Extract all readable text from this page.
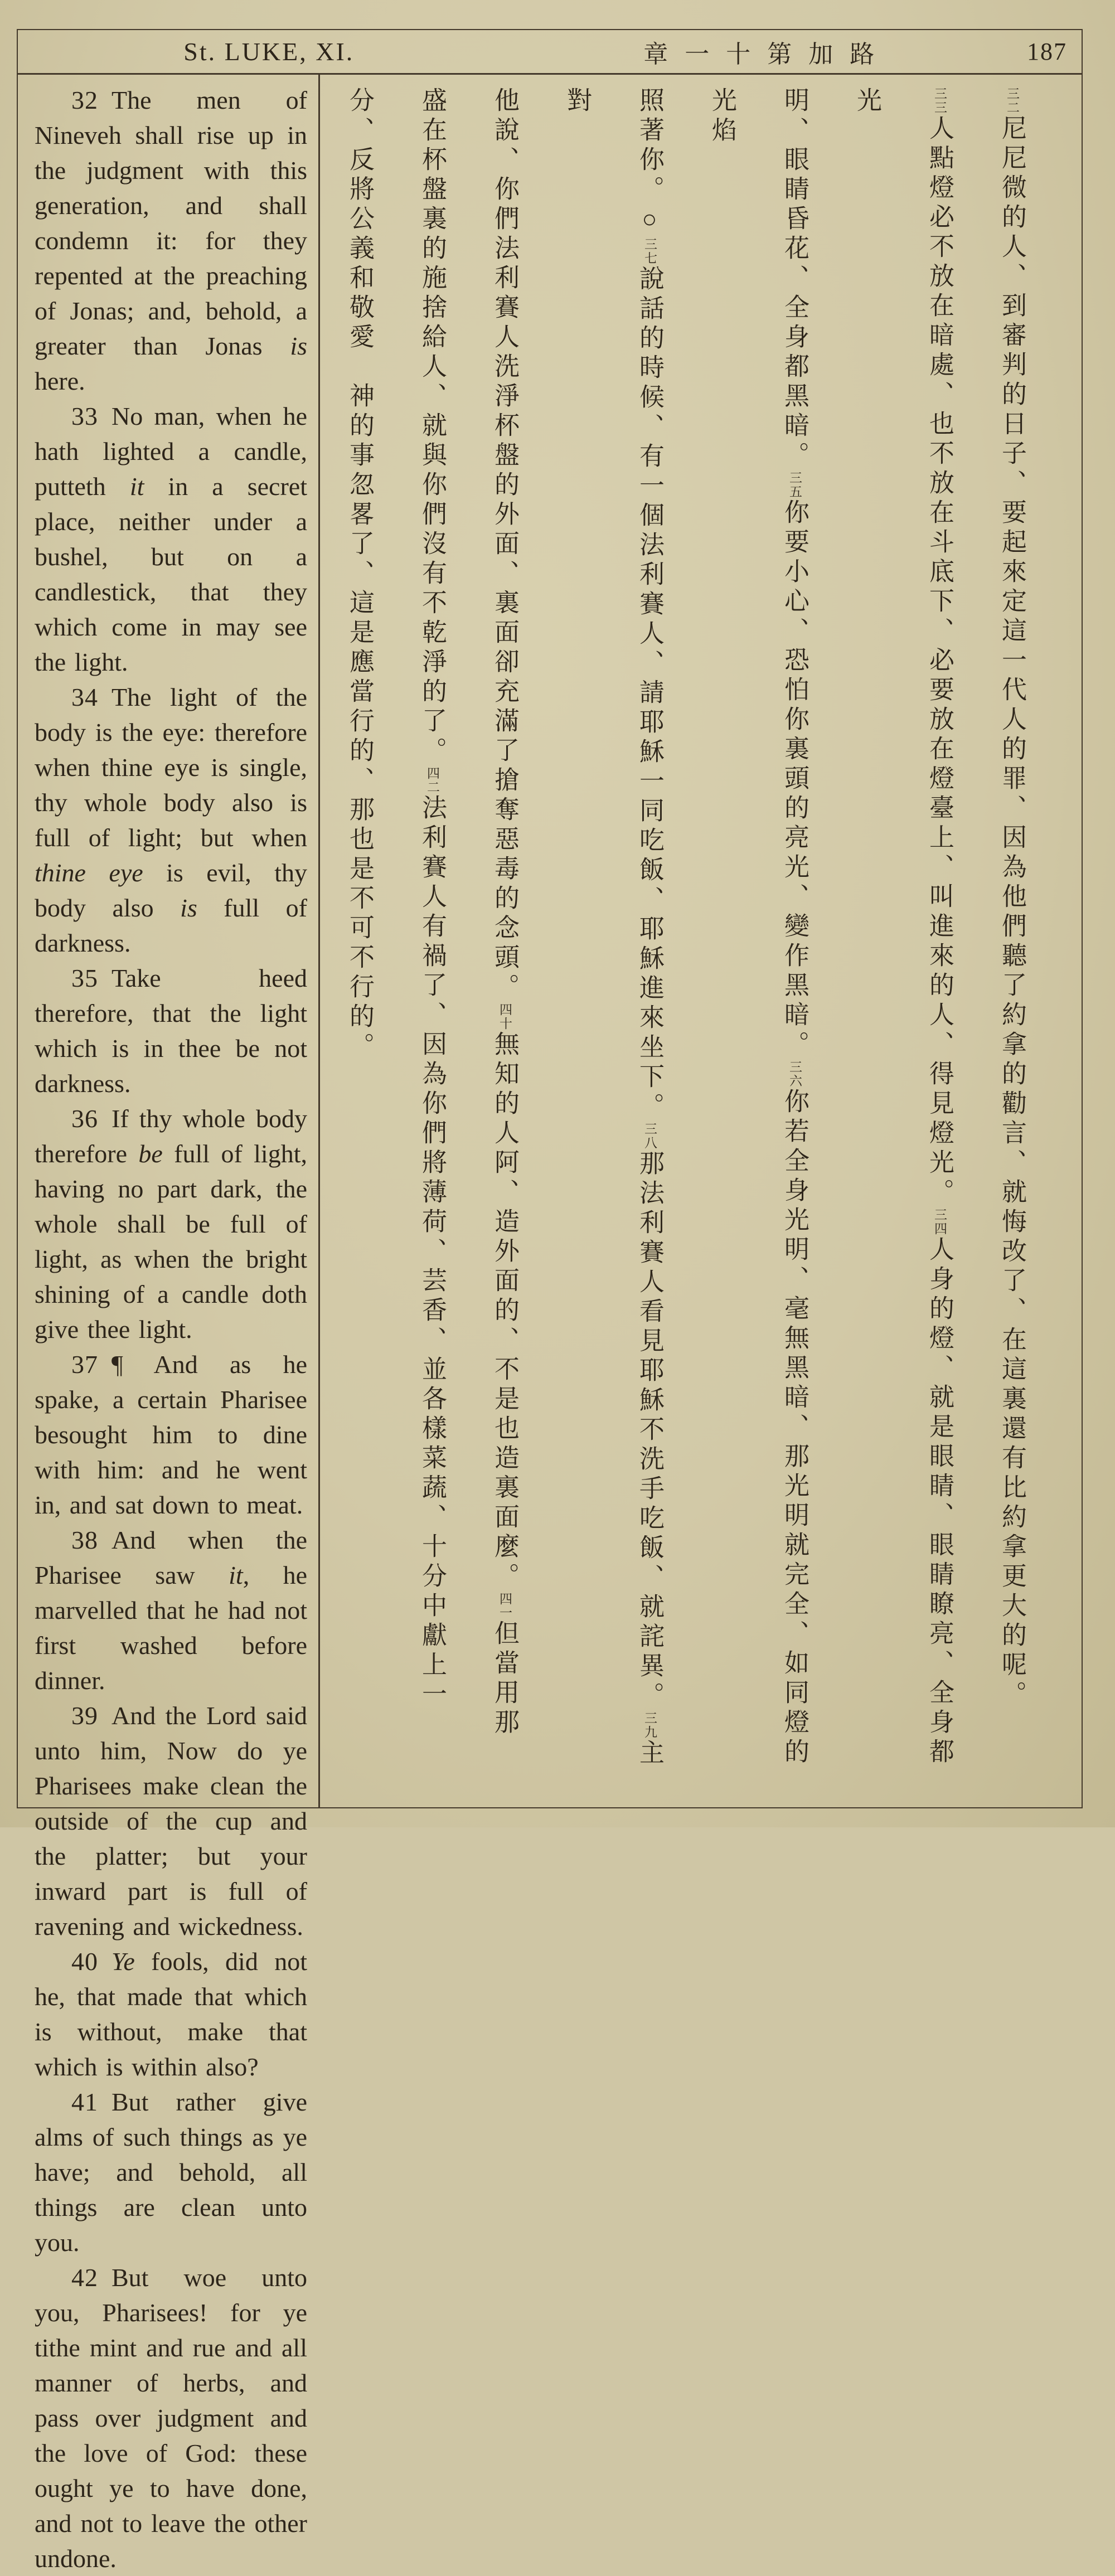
St. LUKE, XI.	章一十第加路	187

32 The men of Nineveh shall rise up in the judgment with this generation, and shall condemn it: for they repented at the preaching of Jonas; and, behold, a greater than Jonas is here.

33 No man, when he hath lighted a candle, putteth it in a secret place, neither under a bushel, but on a candlestick, that they which come in may see the light.

34 The light of the body is the eye: therefore when thine eye is single, thy whole body also is full of light; but when thine eye is evil, thy body also is full of darkness.

35 Take heed therefore, that the light which is in thee be not darkness.

36 If thy whole body therefore be full of light, having no part dark, the whole shall be full of light, as when the bright shining of a candle doth give thee light.

37 ¶ And as he spake, a certain Pharisee besought him to dine with him: and he went in, and sat down to meat.

38 And when the Pharisee saw it, he marvelled that he had not first washed before dinner.

39 And the Lord said unto him, Now do ye Pharisees make clean the outside of the cup and the platter; but your inward part is full of ravening and wickedness.

40 Ye fools, did not he, that made that which is without, make that which is within also?

41 But rather give alms of such things as ye have; and behold, all things are clean unto you.

42 But woe unto you, Pharisees! for ye tithe mint and rue and all manner of herbs, and pass over judgment and the love of God: these ought ye to have done, and not to leave the other undone.

三二尼尼微的人、到審判的日子、要起來定這一代人的罪、因為他們聽了約拿的勸言、就悔改了、在這裏還有比約拿更大的呢。
三三人點燈必不放在暗處、也不放在斗底下、必要放在燈臺上、叫進來的人、得見燈光。三四人身的燈、就是眼睛、眼睛瞭亮、全身都光
明、眼睛昏花、全身都黑暗。三五你要小心、恐怕你裏頭的亮光、變作黑暗。三六你若全身光明、毫無黑暗、那光明就完全、如同燈的光焰
照著你。○三七說話的時候、有一個法利賽人、請耶穌一同吃飯、耶穌進來坐下。三八那法利賽人看見耶穌不洗手吃飯、就詫異。三九主對
他說、你們法利賽人洗淨杯盤的外面、裏面卻充滿了搶奪惡毒的念頭。四十無知的人阿、造外面的、不是也造裏面麼。四一但當用那
盛在杯盤裏的施捨給人、就與你們沒有不乾淨的了。四二法利賽人有禍了、因為你們將薄荷、芸香、並各樣菜蔬、十分中獻上一
分、反將公義和敬愛　神的事忽畧了、這是應當行的、那也是不可不行的。
